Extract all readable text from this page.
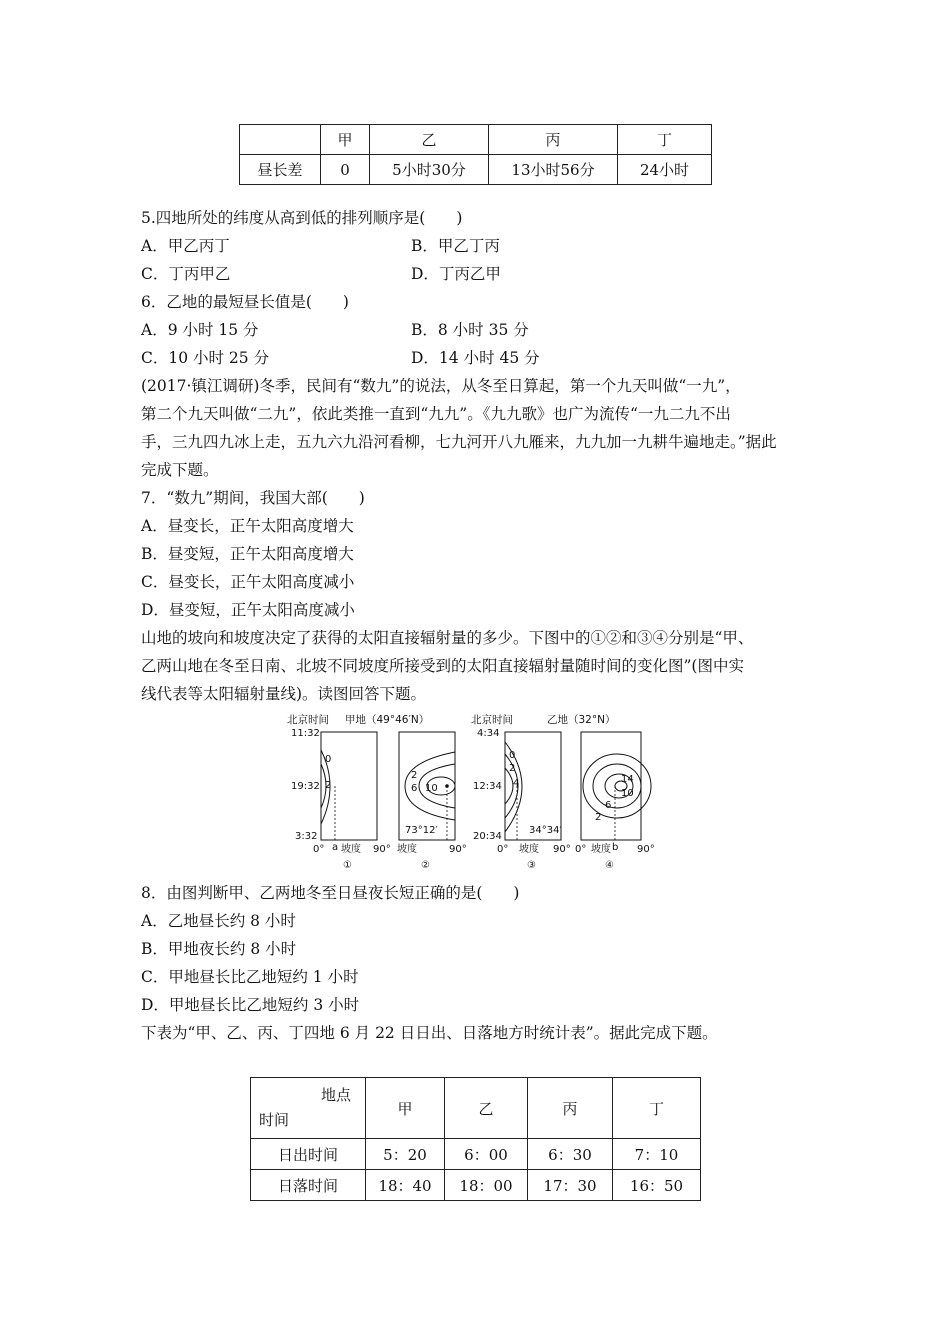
	甲	乙	丙	丁
昼长差	0	5小时30分	13小时56分	24小时
5.四地所处的纬度从高到低的排列顺序是(　　)
A．甲乙丙丁	B．甲乙丁丙
C．丁丙甲乙	D．丁丙乙甲
6．乙地的最短昼长值是(　　)
A．9 小时 15 分	B．8 小时 35 分
C．10 小时 25 分	D．14 小时 45 分
(2017·镇江调研)冬季，民间有“数九”的说法，从冬至日算起，第一个九天叫做“一九”，
第二个九天叫做“二九”，依此类推一直到“九九”。《九九歌》也广为流传“一九二九不出
手，三九四九冰上走，五九六九沿河看柳，七九河开八九雁来，九九加一九耕牛遍地走。”据此
完成下题。
7．“数九”期间，我国大部(　　)
A．昼变长，正午太阳高度增大
B．昼变短，正午太阳高度增大
C．昼变长，正午太阳高度减小
D．昼变短，正午太阳高度减小
山地的坡向和坡度决定了获得的太阳直接辐射量的多少。下图中的①②和③④分别是“甲、
乙两山地在冬至日南、北坡不同坡度所接受到的太阳直接辐射量随时间的变化图”(图中实
线代表等太阳辐射量线)。读图回答下题。
北京时间 甲地（49°46′N）	北京时间	乙地（32°N）
11:32
19:32
3:32
4:34
12:34
20:34
0
2
a
2
6 10
73°12′
0
2
4
34°34′
14
10
6
2
b
0° 坡度 90° 坡度	90°	0° 坡度 90° 0° 坡度	90°
①	②	③	④
8．由图判断甲、乙两地冬至日昼夜长短正确的是(　　)
A．乙地昼长约 8 小时
B．甲地夜长约 8 小时
C．甲地昼长比乙地短约 1 小时
D．甲地昼长比乙地短约 3 小时
下表为“甲、乙、丙、丁四地 6 月 22 日日出、日落地方时统计表”。据此完成下题。
地点
时间	甲	乙	丙	丁
日出时间	5：20	6：00	6：30	7：10
日落时间	18：40	18：00	17：30	16：50
